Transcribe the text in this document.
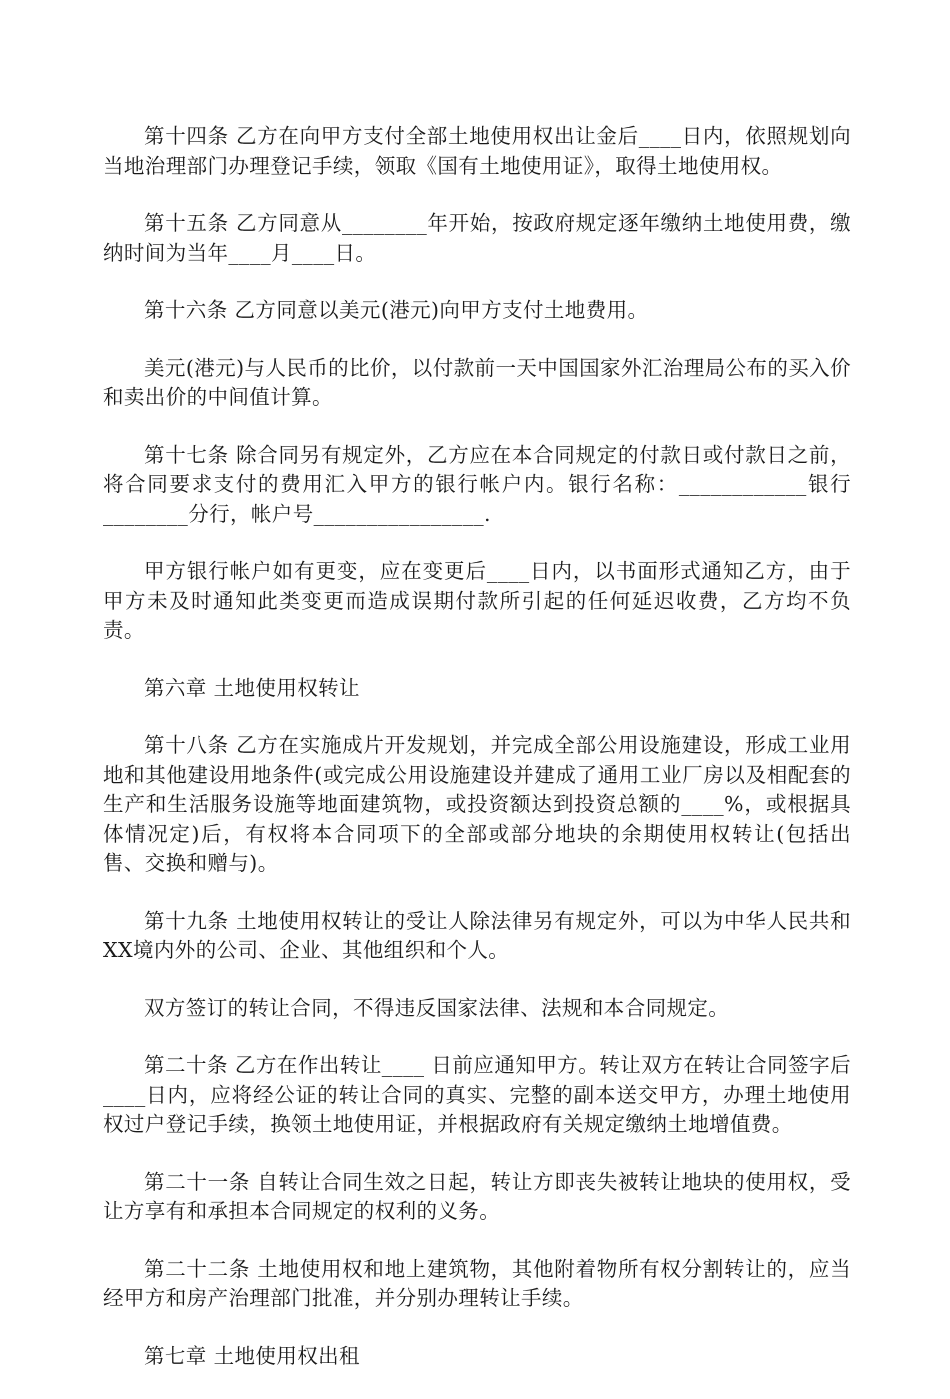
第十四条 乙方在向甲方支付全部土地使用权出让金后____日内，依照规划向当地治理部门办理登记手续，领取《国有土地使用证》，取得土地使用权。

第十五条 乙方同意从________年开始，按政府规定逐年缴纳土地使用费，缴纳时间为当年____月____日。

第十六条 乙方同意以美元(港元)向甲方支付土地费用。

美元(港元)与人民币的比价，以付款前一天中国国家外汇治理局公布的买入价和卖出价的中间值计算。

第十七条 除合同另有规定外，乙方应在本合同规定的付款日或付款日之前，将合同要求支付的费用汇入甲方的银行帐户内。银行名称：____________银行________分行，帐户号________________.

甲方银行帐户如有更变，应在变更后____日内，以书面形式通知乙方，由于甲方未及时通知此类变更而造成误期付款所引起的任何延迟收费，乙方均不负责。

第六章 土地使用权转让

第十八条 乙方在实施成片开发规划，并完成全部公用设施建设，形成工业用地和其他建设用地条件(或完成公用设施建设并建成了通用工业厂房以及相配套的生产和生活服务设施等地面建筑物，或投资额达到投资总额的____%，或根据具体情况定)后，有权将本合同项下的全部或部分地块的余期使用权转让(包括出售、交换和赠与)。

第十九条 土地使用权转让的受让人除法律另有规定外，可以为中华人民共和XX境内外的公司、企业、其他组织和个人。

双方签订的转让合同，不得违反国家法律、法规和本合同规定。

第二十条 乙方在作出转让____ 日前应通知甲方。转让双方在转让合同签字后____日内，应将经公证的转让合同的真实、完整的副本送交甲方，办理土地使用权过户登记手续，换领土地使用证，并根据政府有关规定缴纳土地增值费。

第二十一条 自转让合同生效之日起，转让方即丧失被转让地块的使用权，受让方享有和承担本合同规定的权利的义务。

第二十二条 土地使用权和地上建筑物，其他附着物所有权分割转让的，应当经甲方和房产治理部门批准，并分别办理转让手续。

第七章 土地使用权出租
